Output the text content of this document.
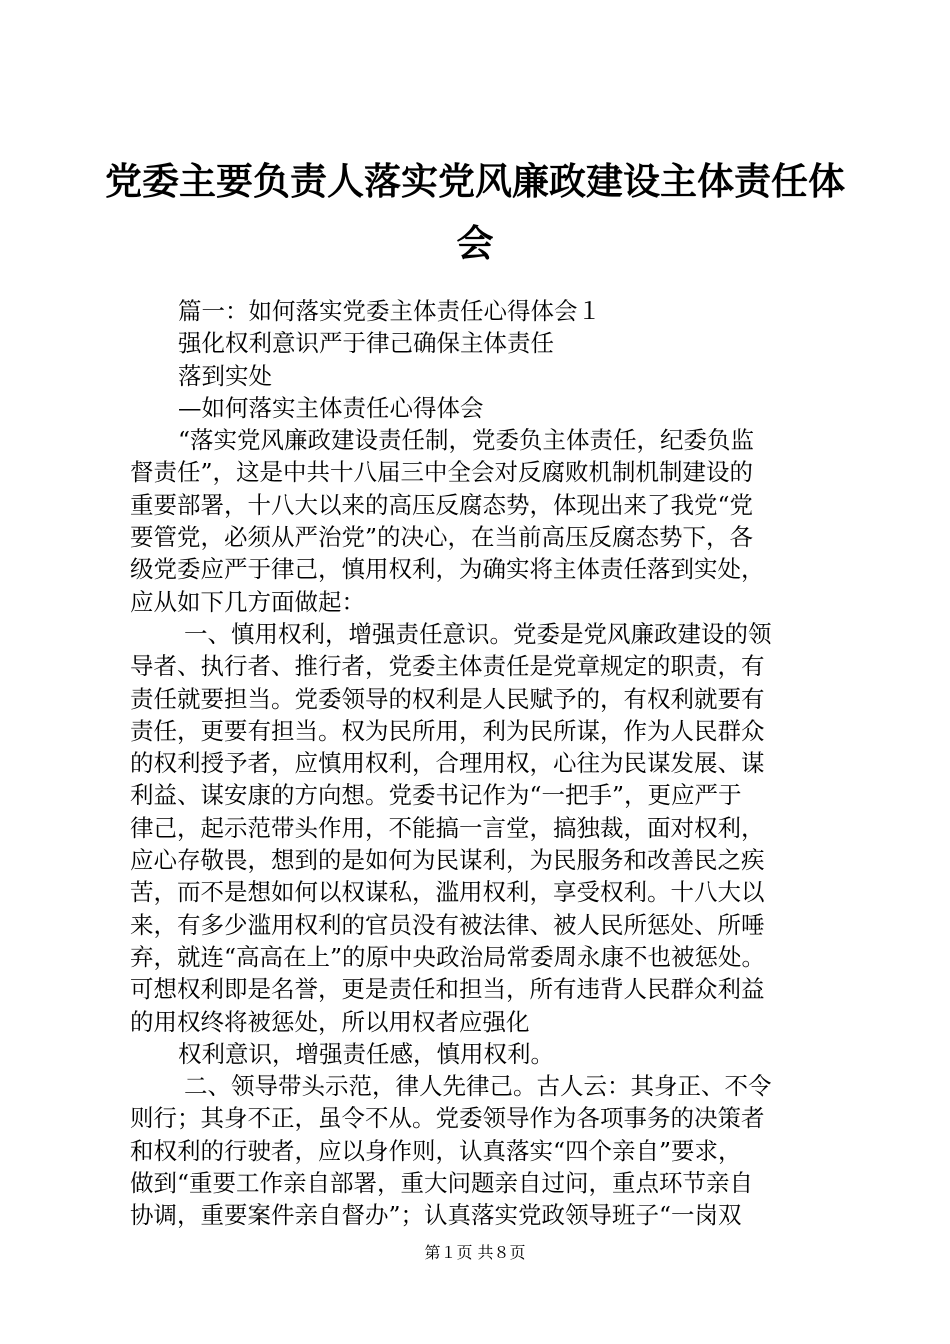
党委主要负责人落实党风廉政建设主体责任体
会
篇一：如何落实党委主体责任心得体会１
强化权利意识严于律己确保主体责任
落到实处
—如何落实主体责任心得体会
“落实党风廉政建设责任制，党委负主体责任，纪委负监
督责任”，这是中共十八届三中全会对反腐败机制机制建设的
重要部署，十八大以来的高压反腐态势，体现出来了我党“党
要管党，必须从严治党”的决心，在当前高压反腐态势下，各
级党委应严于律己，慎用权利，为确实将主体责任落到实处，
应从如下几方面做起：
一、慎用权利，增强责任意识。党委是党风廉政建设的领
导者、执行者、推行者，党委主体责任是党章规定的职责，有
责任就要担当。党委领导的权利是人民赋予的，有权利就要有
责任，更要有担当。权为民所用，利为民所谋，作为人民群众
的权利授予者，应慎用权利，合理用权，心往为民谋发展、谋
利益、谋安康的方向想。党委书记作为“一把手”，更应严于
律己，起示范带头作用，不能搞一言堂，搞独裁，面对权利，
应心存敬畏，想到的是如何为民谋利，为民服务和改善民之疾
苦，而不是想如何以权谋私，滥用权利，享受权利。十八大以
来，有多少滥用权利的官员没有被法律、被人民所惩处、所唾
弃，就连“高高在上”的原中央政治局常委周永康不也被惩处。
可想权利即是名誉，更是责任和担当，所有违背人民群众利益
的用权终将被惩处，所以用权者应强化
权利意识，增强责任感，慎用权利。
二、领导带头示范，律人先律己。古人云：其身正、不令
则行；其身不正，虽令不从。党委领导作为各项事务的决策者
和权利的行驶者，应以身作则，认真落实“四个亲自”要求，
做到“重要工作亲自部署，重大问题亲自过问，重点环节亲自
协调，重要案件亲自督办”；认真落实党政领导班子“一岗双
第１页 共８页
